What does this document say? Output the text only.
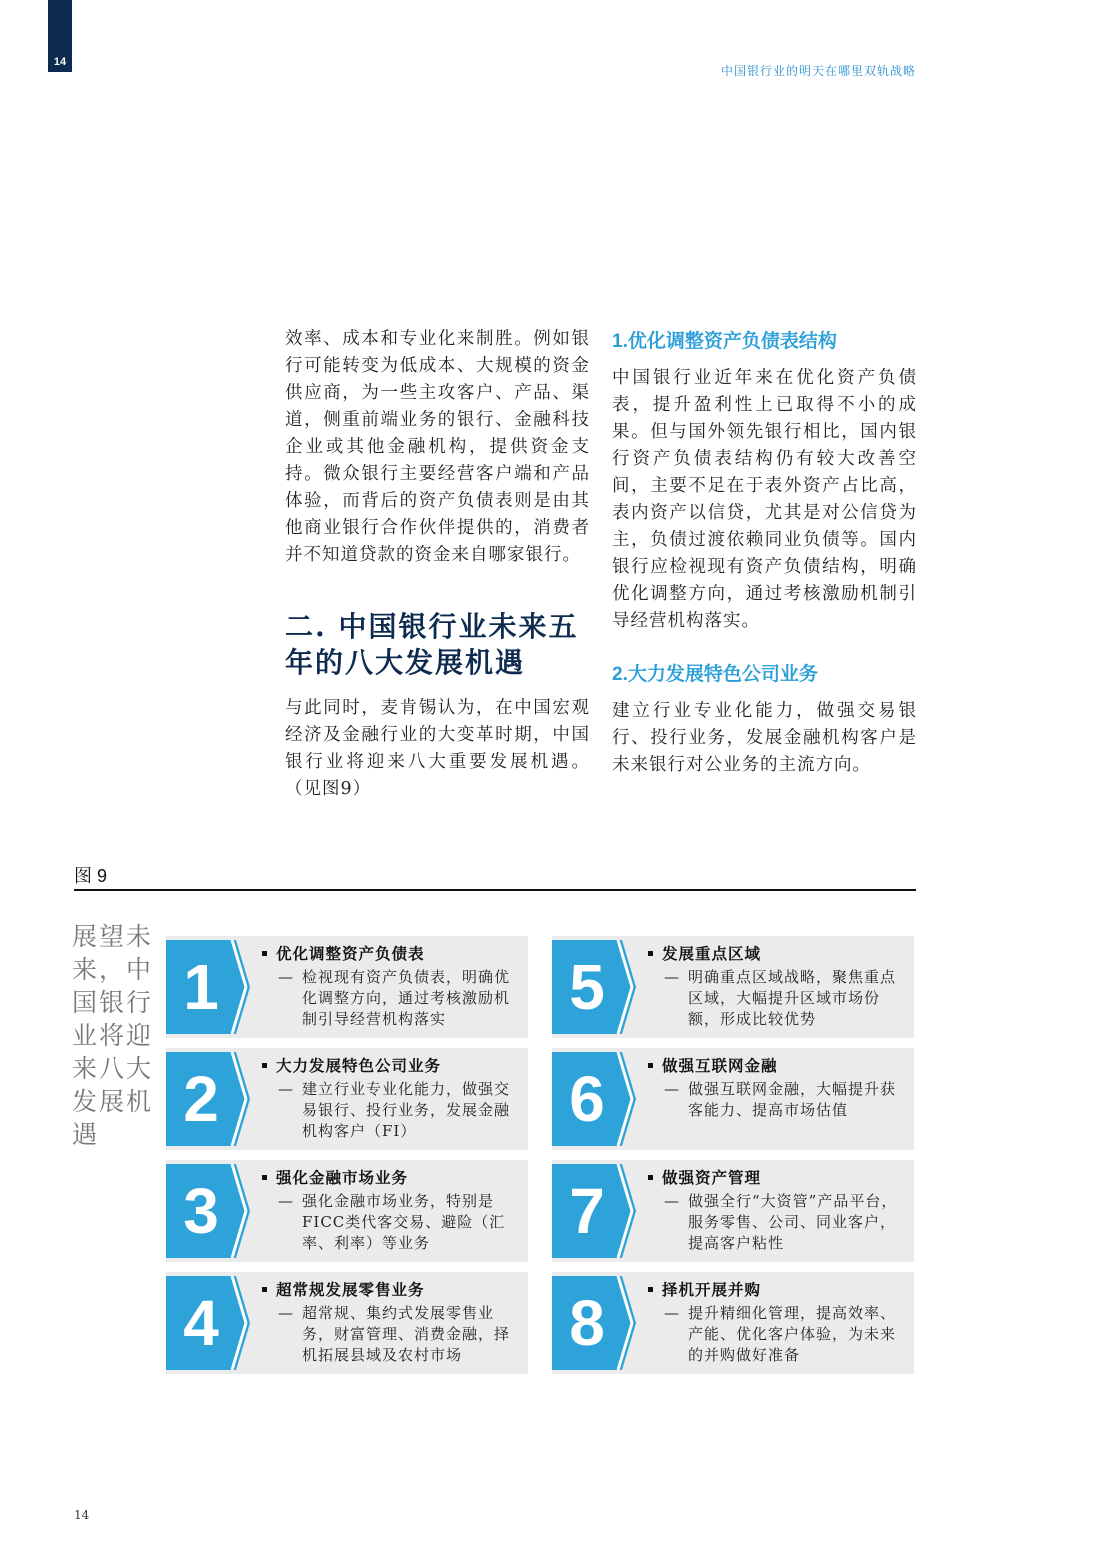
14
中国银行业的明天在哪里双轨战略

效率、成本和专业化来制胜。例如银行可能转变为低成本、大规模的资金供应商，为一些主攻客户、产品、渠道，侧重前端业务的银行、金融科技企业或其他金融机构，提供资金支持。微众银行主要经营客户端和产品体验，而背后的资产负债表则是由其他商业银行合作伙伴提供的，消费者并不知道贷款的资金来自哪家银行。

二. 中国银行业未来五年的八大发展机遇

与此同时，麦肯锡认为，在中国宏观经济及金融行业的大变革时期，中国银行业将迎来八大重要发展机遇。（见图9）

1.优化调整资产负债表结构

中国银行业近年来在优化资产负债表，提升盈利性上已取得不小的成果。但与国外领先银行相比，国内银行资产负债表结构仍有较大改善空间，主要不足在于表外资产占比高，表内资产以信贷，尤其是对公信贷为主，负债过渡依赖同业负债等。国内银行应检视现有资产负债结构，明确优化调整方向，通过考核激励机制引导经营机构落实。

2.大力发展特色公司业务

建立行业专业化能力，做强交易银行、投行业务，发展金融机构客户是未来银行对公业务的主流方向。

图 9
展望未来，中国银行业将迎来八大发展机遇
1	优化调整资产负债表
— 检视现有资产负债表，明确优化调整方向，通过考核激励机制引导经营机构落实
2	大力发展特色公司业务
— 建立行业专业化能力，做强交易银行、投行业务，发展金融机构客户（FI）
3	强化金融市场业务
— 强化金融市场业务，特别是FICC类代客交易、避险（汇率、利率）等业务
4	超常规发展零售业务
— 超常规、集约式发展零售业务，财富管理、消费金融，择机拓展县域及农村市场
5	发展重点区域
— 明确重点区域战略，聚焦重点区域，大幅提升区域市场份额，形成比较优势
6	做强互联网金融
— 做强互联网金融，大幅提升获客能力、提高市场估值
7	做强资产管理
— 做强全行“大资管”产品平台，服务零售、公司、同业客户，提高客户粘性
8	择机开展并购
— 提升精细化管理，提高效率、产能、优化客户体验，为未来的并购做好准备
14
